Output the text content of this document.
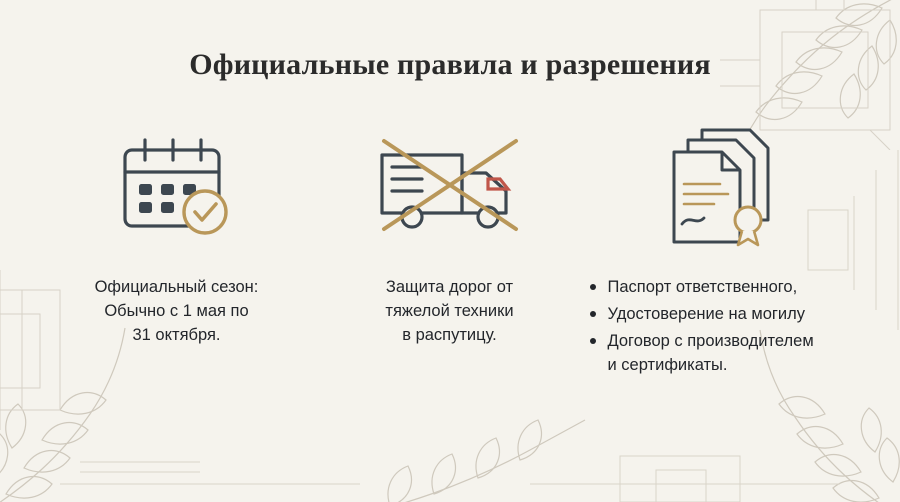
Официальные правила и разрешения
Официальный сезон:
Обычно с 1 мая по
31 октября.
Защита дорог от
тяжелой техники
в распутицу.
Паспорт ответственного,
Удостоверение на могилу
Договор с производителем
и сертификаты.
